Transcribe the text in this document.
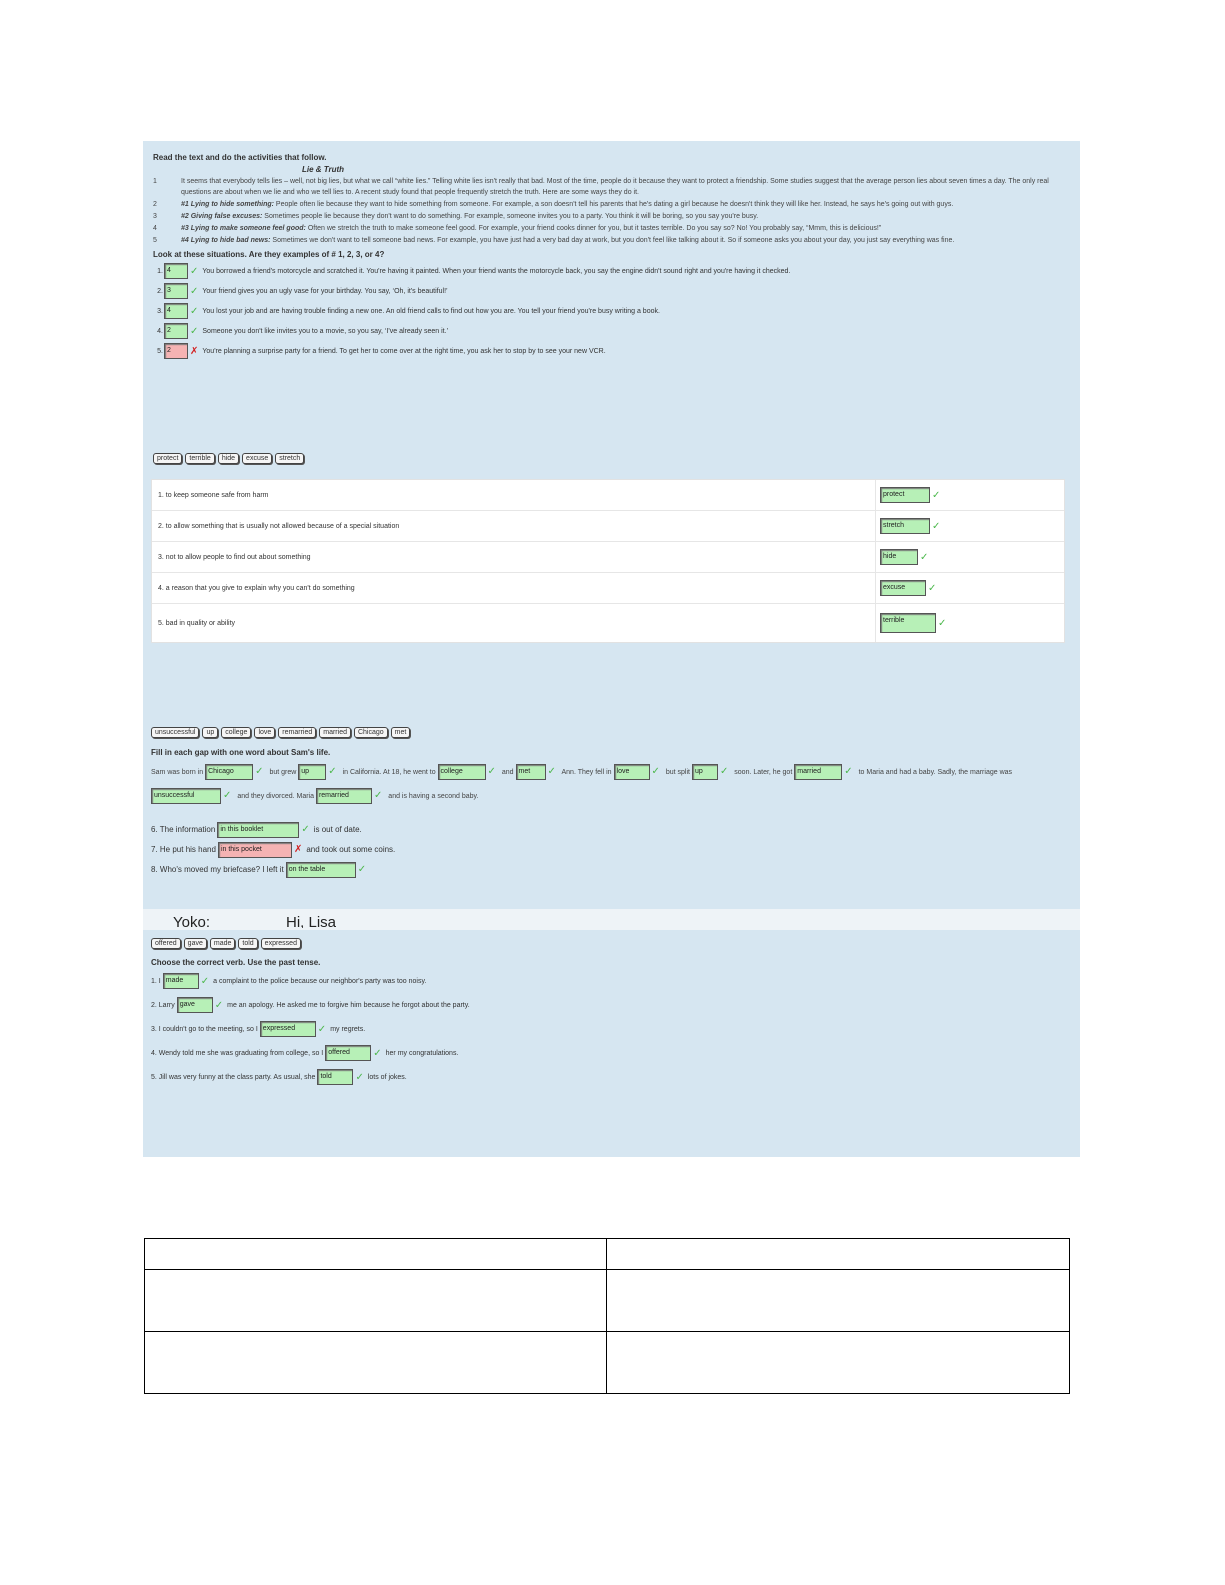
Read the text and do the activities that follow.
Lie & Truth
1	It seems that everybody tells lies – well, not big lies, but what we call “white lies.” Telling white lies isn't really that bad. Most of the time, people do it because they want to protect a friendship. Some studies suggest that the average person lies about seven times a day. The only real questions are about when we lie and who we tell lies to. A recent study found that people frequently stretch the truth. Here are some ways they do it.
2	#1 Lying to hide something: People often lie because they want to hide something from someone. For example, a son doesn't tell his parents that he's dating a girl because he doesn't think they will like her. Instead, he says he's going out with guys.
3	#2 Giving false excuses: Sometimes people lie because they don't want to do something. For example, someone invites you to a party. You think it will be boring, so you say you're busy.
4	#3 Lying to make someone feel good: Often we stretch the truth to make someone feel good. For example, your friend cooks dinner for you, but it tastes terrible. Do you say so? No! You probably say, “Mmm, this is delicious!”
5	#4 Lying to hide bad news: Sometimes we don't want to tell someone bad news. For example, you have just had a very bad day at work, but you don't feel like talking about it. So if someone asks you about your day, you just say everything was fine.
Look at these situations. Are they examples of # 1, 2, 3, or 4?
1. 4	✓ You borrowed a friend's motorcycle and scratched it. You're having it painted. When your friend wants the motorcycle back, you say the engine didn't sound right and you're having it checked.
2. 3	✓ Your friend gives you an ugly vase for your birthday. You say, ‘Oh, it's beautiful!’
3. 4	✓ You lost your job and are having trouble finding a new one. An old friend calls to find out how you are. You tell your friend you're busy writing a book.
4. 2	✓ Someone you don't like invites you to a movie, so you say, ‘I've already seen it.’
5. 2	✗ You're planning a surprise party for a friend. To get her to come over at the right time, you ask her to stop by to see your new VCR.
protect	terrible	hide	excuse	stretch
1. to keep someone safe from harm	protect	✓
2. to allow something that is usually not allowed because of a special situation	stretch	✓
3. not to allow people to find out about something	hide	✓
4. a reason that you give to explain why you can't do something	excuse	✓
5. bad in quality or ability	terrible	✓
unsuccessful	up	college	love	remarried	married	Chicago	met
Fill in each gap with one word about Sam's life.
Sam was born in Chicago ✓ but grew up ✓ in California. At 18, he went to college ✓ and met ✓ Ann. They fell in love ✓ but split up ✓ soon. Later, he got married ✓ to Maria and had a baby. Sadly, the marriage was unsuccessful	✓ and they divorced. Maria remarried	✓ and is having a second baby.
6. The information in this booklet	✓ is out of date.
7. He put his hand in this pocket	✗ and took out some coins.
8. Who's moved my briefcase? I left it on the table	✓
Yoko:	Hi, Lisa
offered	gave	made	told	expressed
Choose the correct verb. Use the past tense.
1. I made	✓ a complaint to the police because our neighbor's party was too noisy.
2. Larry gave	✓ me an apology. He asked me to forgive him because he forgot about the party.
3. I couldn't go to the meeting, so I expressed	✓ my regrets.
4. Wendy told me she was graduating from college, so I offered	✓ her my congratulations.
5. Jill was very funny at the class party. As usual, she told	✓ lots of jokes.
